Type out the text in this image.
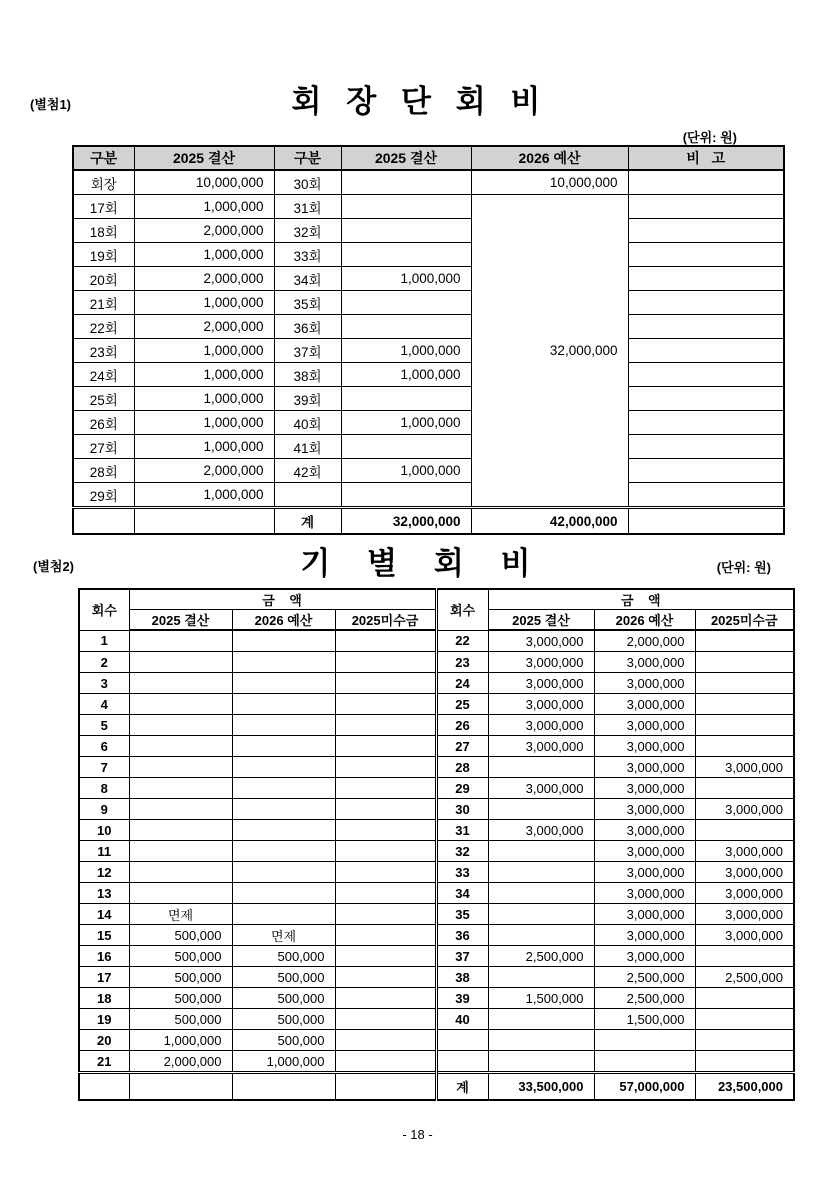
(별첨1)	회 장 단 회 비
(단위: 원)
구분	2025 결산	구분	2025 결산	2026 예산	비   고
회장	10,000,000	30회		10,000,000	
17회	1,000,000	31회		32,000,000	
18회	2,000,000	32회			
19회	1,000,000	33회			
20회	2,000,000	34회	1,000,000		
21회	1,000,000	35회			
22회	2,000,000	36회			
23회	1,000,000	37회	1,000,000		
24회	1,000,000	38회	1,000,000		
25회	1,000,000	39회			
26회	1,000,000	40회	1,000,000		
27회	1,000,000	41회			
28회	2,000,000	42회	1,000,000		
29회	1,000,000				
		계	32,000,000	42,000,000	
(별첨2)	기 별 회 비	(단위: 원)
회수	금    액			회수	금    액		
	2025 결산	2026 예산	2025미수금		2025 결산	2026 예산	2025미수금
1				22	3,000,000	2,000,000	
2				23	3,000,000	3,000,000	
3				24	3,000,000	3,000,000	
4				25	3,000,000	3,000,000	
5				26	3,000,000	3,000,000	
6				27	3,000,000	3,000,000	
7				28		3,000,000	3,000,000
8				29	3,000,000	3,000,000	
9				30		3,000,000	3,000,000
10				31	3,000,000	3,000,000	
11				32		3,000,000	3,000,000
12				33		3,000,000	3,000,000
13				34		3,000,000	3,000,000
14	면제			35		3,000,000	3,000,000
15	500,000	면제		36		3,000,000	3,000,000
16	500,000	500,000		37	2,500,000	3,000,000	
17	500,000	500,000		38		2,500,000	2,500,000
18	500,000	500,000		39	1,500,000	2,500,000	
19	500,000	500,000		40		1,500,000	
20	1,000,000	500,000					
21	2,000,000	1,000,000					
				계	33,500,000	57,000,000	23,500,000
- 18 -
